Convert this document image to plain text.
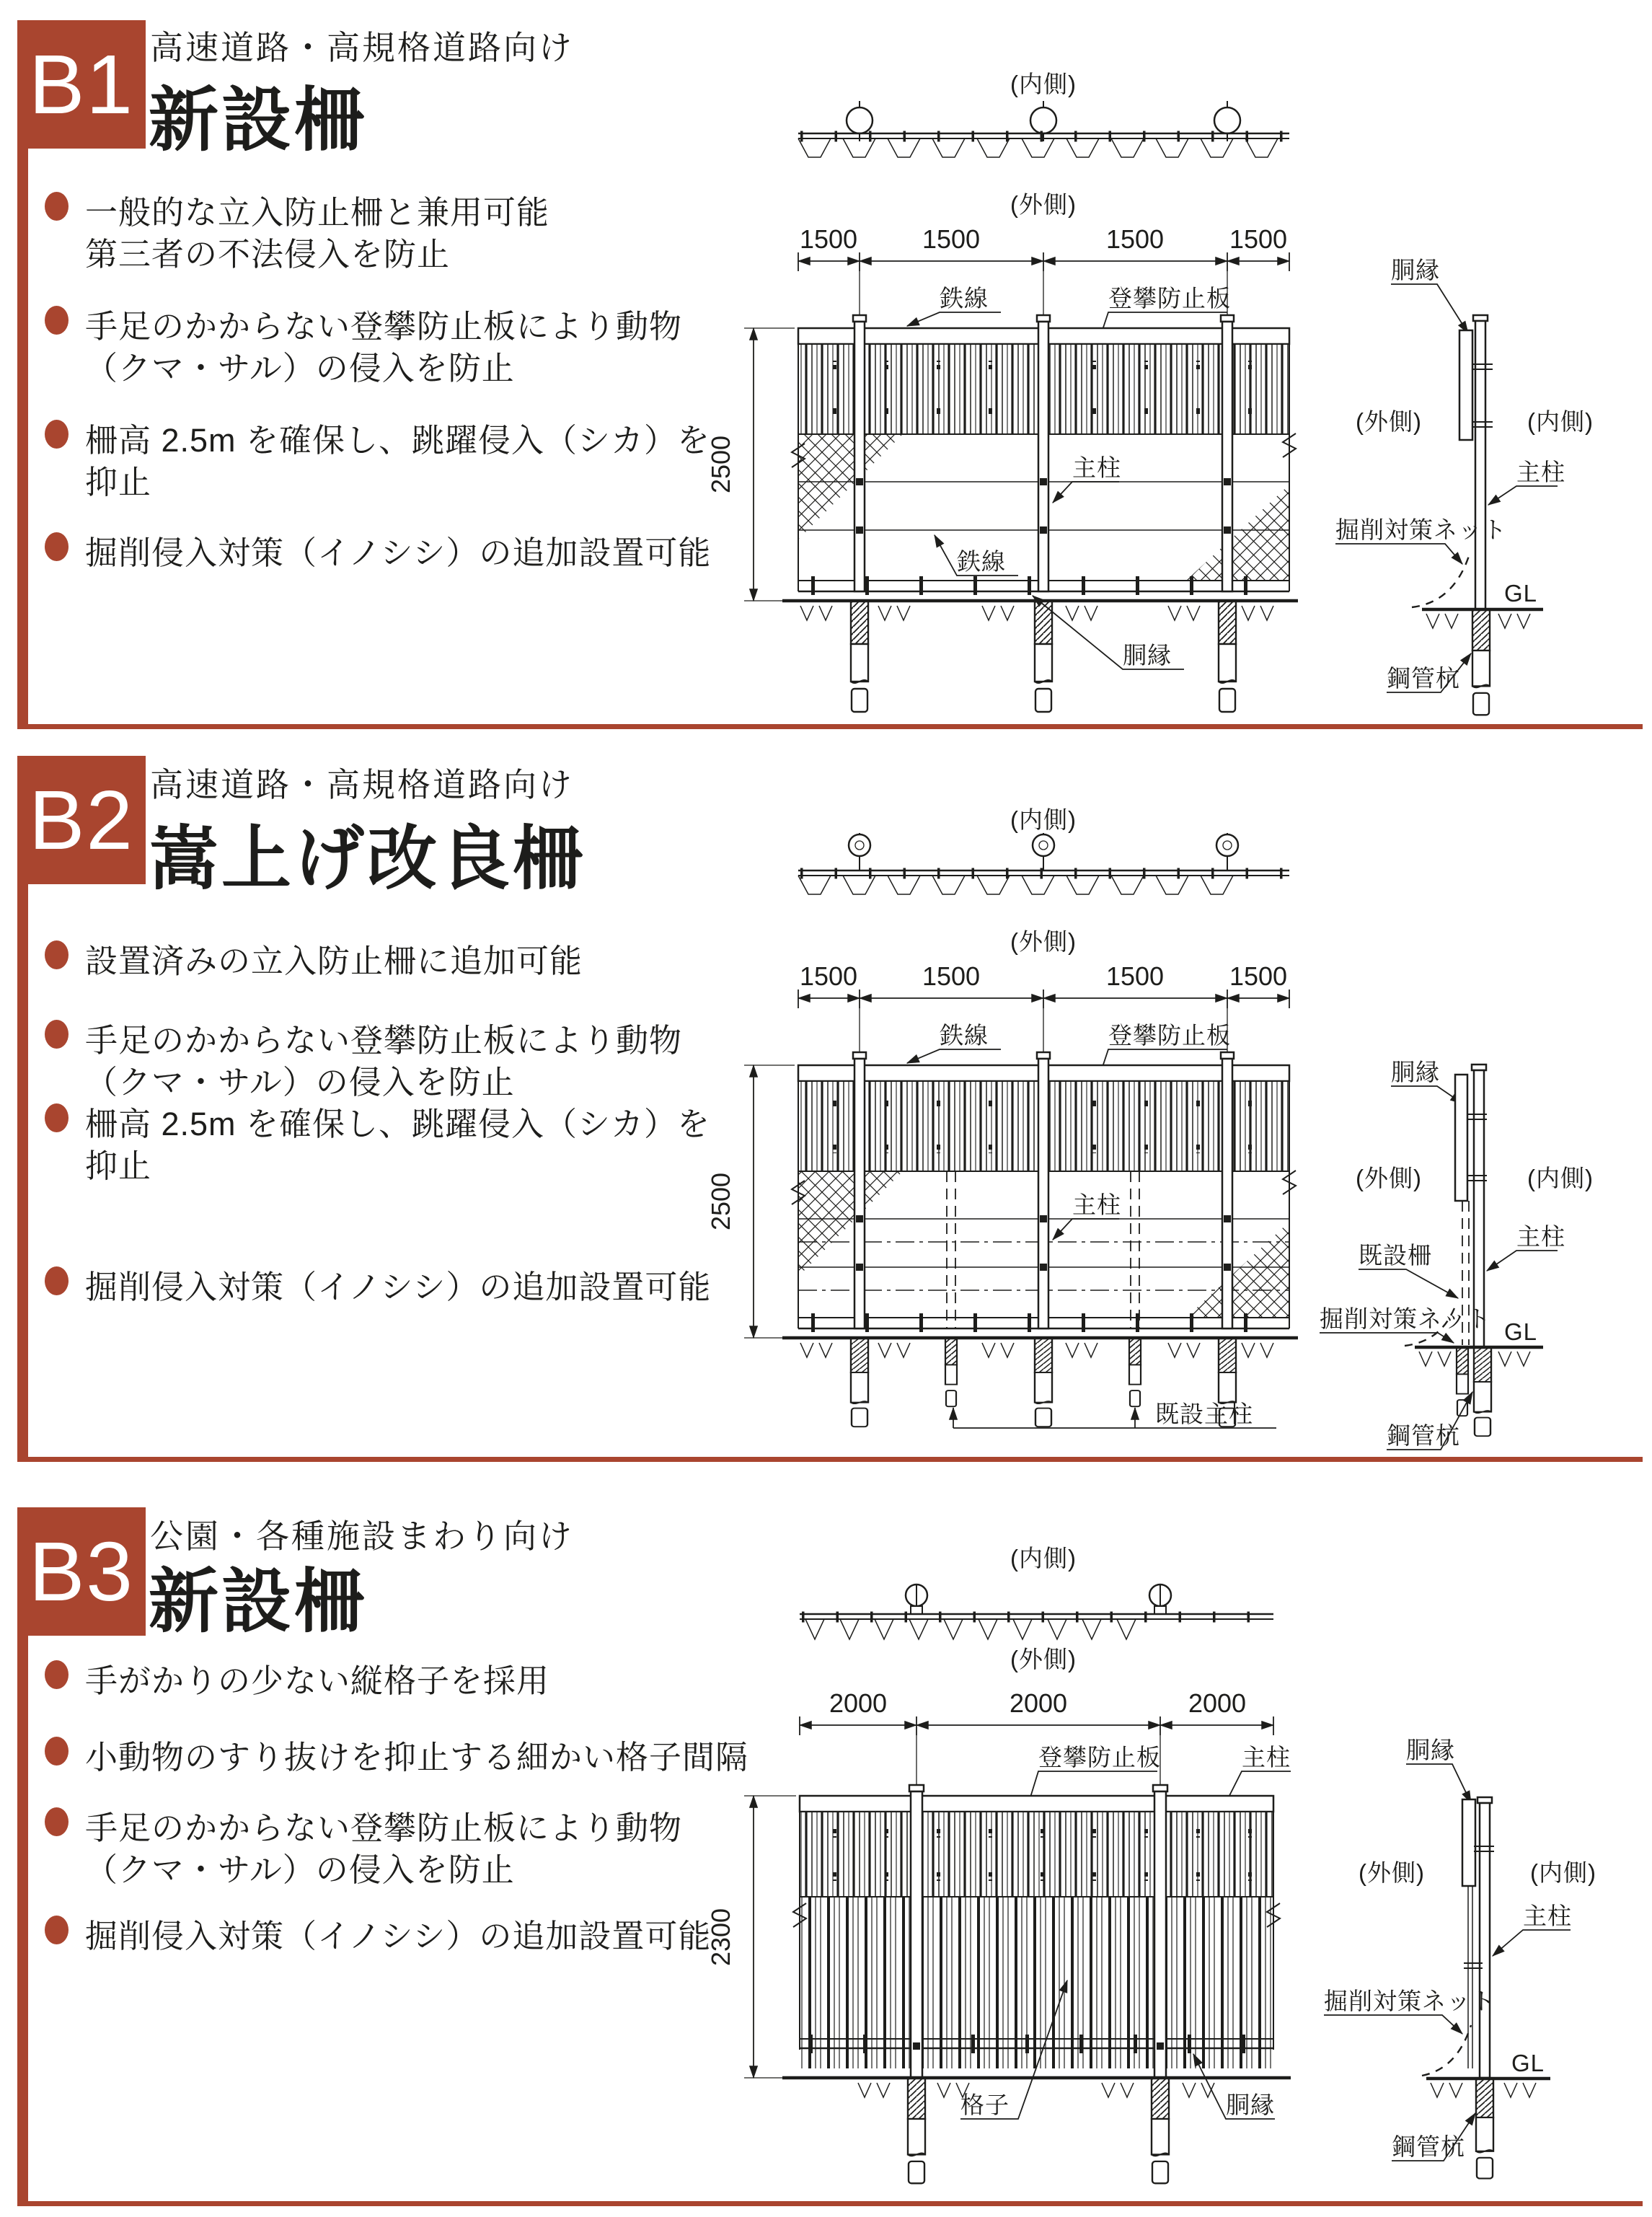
B1 高速道路・高規格道路向け
新設柵
一般的な立入防止柵と兼用可能
第三者の不法侵入を防止
手足のかからない登攀防止板により動物
（クマ・サル）の侵入を防止
柵高 2.5m を確保し、跳躍侵入（シカ）を
抑止
掘削侵入対策（イノシシ）の追加設置可能
(内側)
(外側)
1500 1500	1500	1500
鉄線	登攀防止板
主柱
鉄線
胴縁
2500
胴縁
(外側)	(内側)
主柱
掘削対策ネット
GL
鋼管杭
B2 高速道路・高規格道路向け
嵩上げ改良柵
設置済みの立入防止柵に追加可能
手足のかからない登攀防止板により動物
（クマ・サル）の侵入を防止
柵高 2.5m を確保し、跳躍侵入（シカ）を
抑止
掘削侵入対策（イノシシ）の追加設置可能
(内側)
(外側)
1500 1500	1500	1500
鉄線	登攀防止板
主柱
既設主柱
2500
胴縁
(外側)	(内側)
主柱
既設柵
掘削対策ネット GL
鋼管杭
B3 公園・各種施設まわり向け
新設柵
手がかりの少ない縦格子を採用
小動物のすり抜けを抑止する細かい格子間隔
手足のかからない登攀防止板により動物
（クマ・サル）の侵入を防止
掘削侵入対策（イノシシ）の追加設置可能
(内側)
(外側)
2000	2000	2000
登攀防止板	主柱
格子	胴縁
2300
胴縁
(外側)	(内側)
主柱
掘削対策ネット
GL
鋼管杭
